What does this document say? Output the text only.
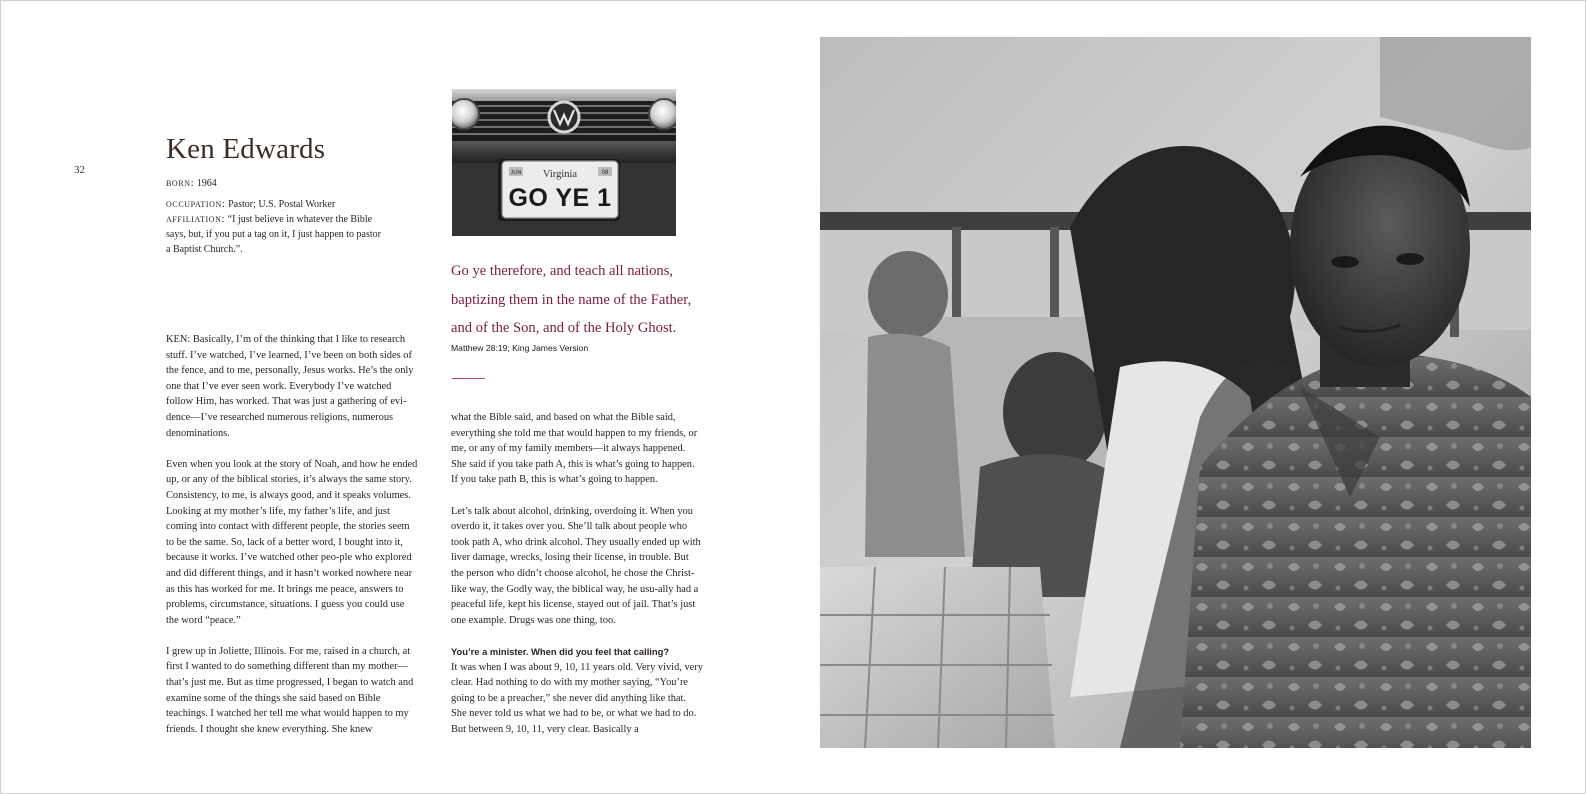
32
Ken Edwards
born: 1964
occupation: Pastor; U.S. Postal Worker
affiliation: “I just believe in whatever the Bible
says, but, if you put a tag on it, I just happen to pastor
a Baptist Church.”.

KEN: Basically, I’m of the thinking that I like to research stuff. I’ve watched, I’ve learned, I’ve been on both sides of the fence, and to me, personally, Jesus works. He’s the only one that I’ve ever seen work. Everybody I’ve watched follow Him, has worked. That was just a gathering of evi-dence—I’ve researched numerous religions, numerous denominations.

Even when you look at the story of Noah, and how he ended up, or any of the biblical stories, it’s always the same story. Consistency, to me, is always good, and it speaks volumes. Looking at my mother’s life, my father’s life, and just coming into contact with different people, the stories seem to be the same. So, lack of a better word, I bought into it, because it works. I’ve watched other peo-ple who explored and did different things, and it hasn’t worked nowhere near as this has worked for me. It brings me peace, answers to problems, circumstance, situations. I guess you could use the word “peace.”

I grew up in Joliette, Illinois. For me, raised in a church, at first I wanted to do something different than my mother—that’s just me. But as time progressed, I began to watch and examine some of the things she said based on Bible teachings. I watched her tell me what would happen to my friends. I thought she knew everything. She knew

JUN	08
Virginia
GO YE 1
Go ye therefore, and teach all nations,
baptizing them in the name of the Father,
and of the Son, and of the Holy Ghost.
Matthew 28:19; King James Version

what the Bible said, and based on what the Bible said, everything she told me that would happen to my friends, or me, or any of my family members—it always happened. She said if you take path A, this is what’s going to happen. If you take path B, this is what’s going to happen.

Let’s talk about alcohol, drinking, overdoing it. When you overdo it, it takes over you. She’ll talk about people who took path A, who drink alcohol. They usually ended up with liver damage, wrecks, losing their license, in trouble. But the person who didn’t choose alcohol, he chose the Christ-like way, the Godly way, the biblical way, he usu-ally had a peaceful life, kept his license, stayed out of jail. That’s just one example. Drugs was one thing, too.

You’re a minister. When did you feel that calling?
It was when I was about 9, 10, 11 years old. Very vivid, very clear. Had nothing to do with my mother saying, “You’re going to be a preacher,” she never did anything like that. She never told us what we had to be, or what we had to do. But between 9, 10, 11, very clear. Basically a
